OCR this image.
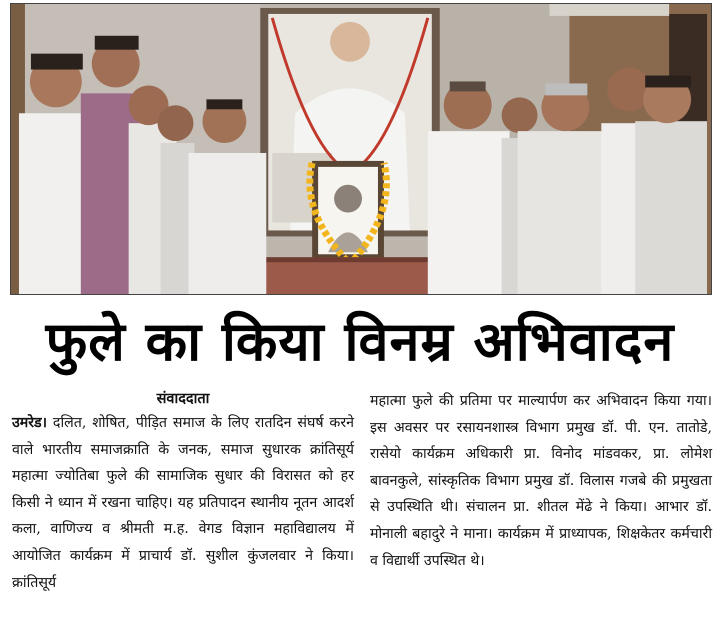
फुले का किया विनम्र अभिवादन
संवाददाता

उमरेड। दलित, शोषित, पीड़ित समाज के लिए रातदिन संघर्ष करने वाले भारतीय समाजक्राति के जनक, समाज सुधारक क्रांतिसूर्य महात्मा ज्योतिबा फुले की सामाजिक सुधार की विरासत को हर किसी ने ध्यान में रखना चाहिए। यह प्रतिपादन स्थानीय नूतन आदर्श कला, वाणिज्य व श्रीमती म.ह. वेगड विज्ञान महाविद्यालय में आयोजित कार्यक्रम में प्राचार्य डॉ. सुशील कुंजलवार ने किया। क्रांतिसूर्य

महात्मा फुले की प्रतिमा पर माल्यार्पण कर अभिवादन किया गया। इस अवसर पर रसायनशास्त्र विभाग प्रमुख डॉ. पी. एन. तातोडे, रासेयो कार्यक्रम अधिकारी प्रा. विनोद मांडवकर, प्रा. लोमेश बावनकुले, सांस्कृतिक विभाग प्रमुख डॉ. विलास गजबे की प्रमुखता से उपस्थिति थी। संचालन प्रा. शीतल मेंढे ने किया। आभार डॉ. मोनाली बहादुरे ने माना। कार्यक्रम में प्राध्यापक, शिक्षकेतर कर्मचारी व विद्यार्थी उपस्थित थे।
